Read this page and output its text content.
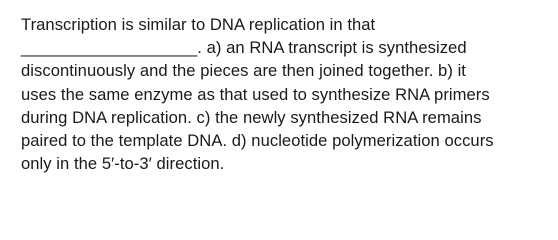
Transcription is similar to DNA replication in that
___________________. a) an RNA transcript is synthesized
discontinuously and the pieces are then joined together. b) it
uses the same enzyme as that used to synthesize RNA primers
during DNA replication. c) the newly synthesized RNA remains
paired to the template DNA. d) nucleotide polymerization occurs
only in the 5′-to-3′ direction.
